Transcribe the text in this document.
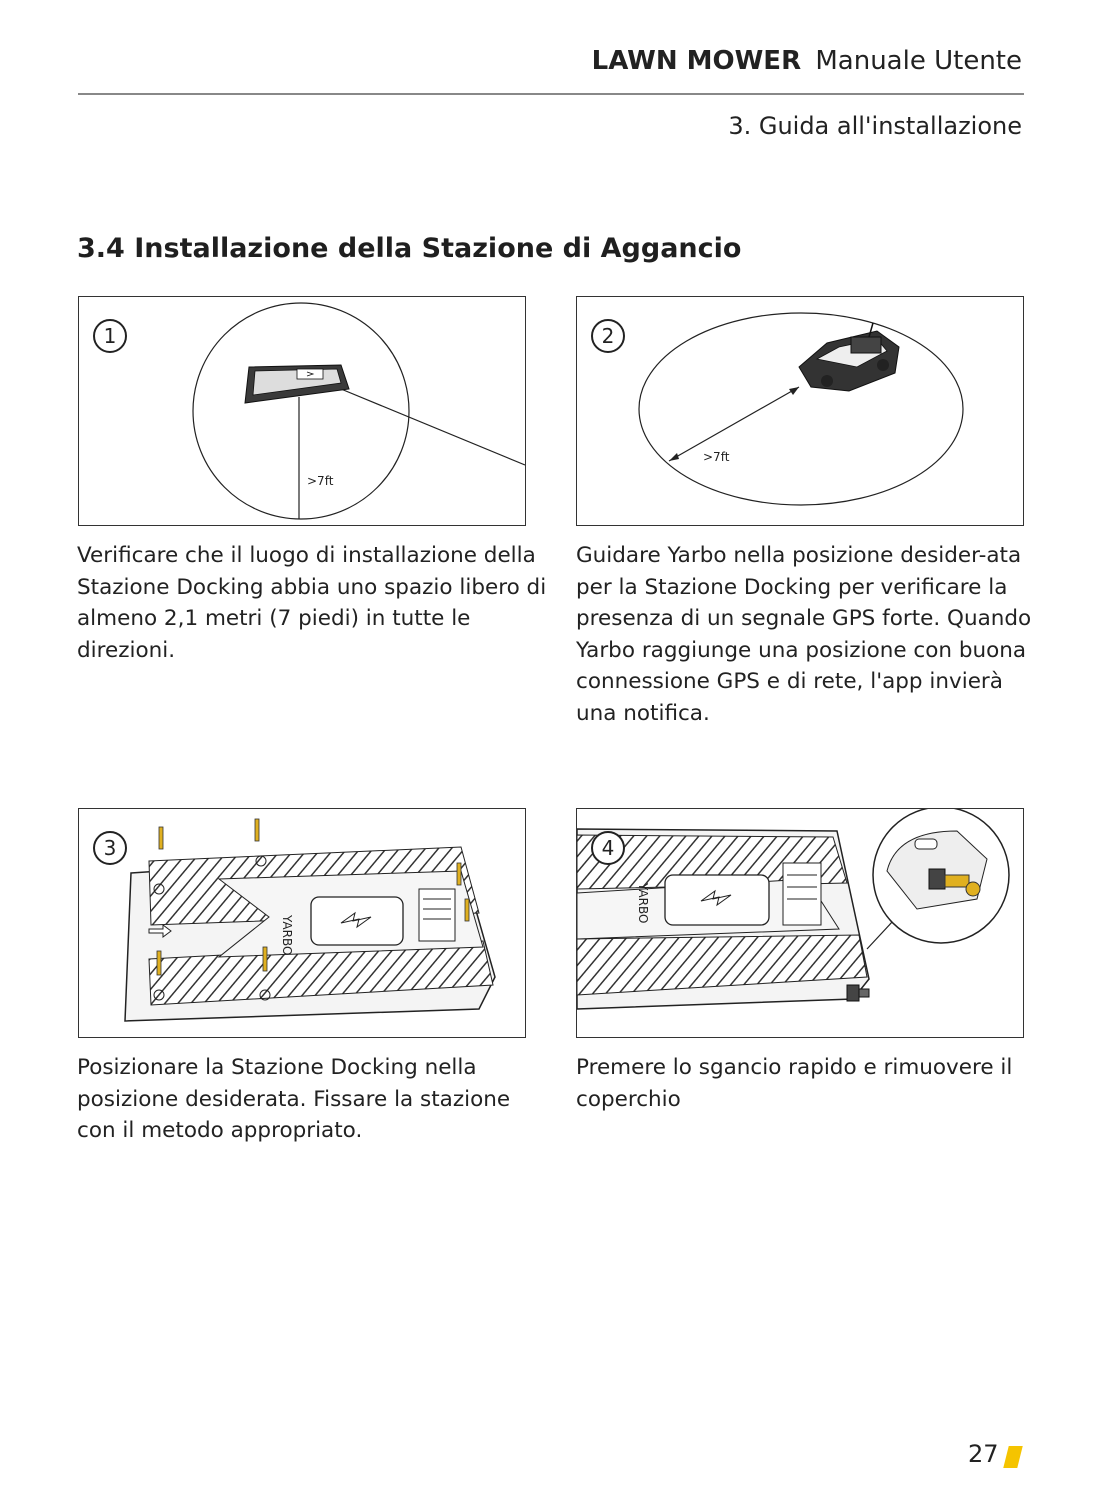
LAWN MOWER Manuale Utente
3. Guida all'installazione
3.4 Installazione della Stazione di Aggancio
1
>7ft
Verificare che il luogo di installazione della Stazione Docking abbia uno spazio libero di almeno 2,1 metri (7 piedi) in tutte le direzioni.
2
>7ft
Guidare Yarbo nella posizione desider-ata per la Stazione Docking per verificare la presenza di un segnale GPS forte. Quando Yarbo raggiunge una posizione con buona connessione GPS e di rete, l'app invierà una notifica.
3
YARBO
Posizionare la Stazione Docking nella posizione desiderata. Fissare la stazione con il metodo appropriato.
4
YARBO
Premere lo sgancio rapido e rimuovere il coperchio
27
